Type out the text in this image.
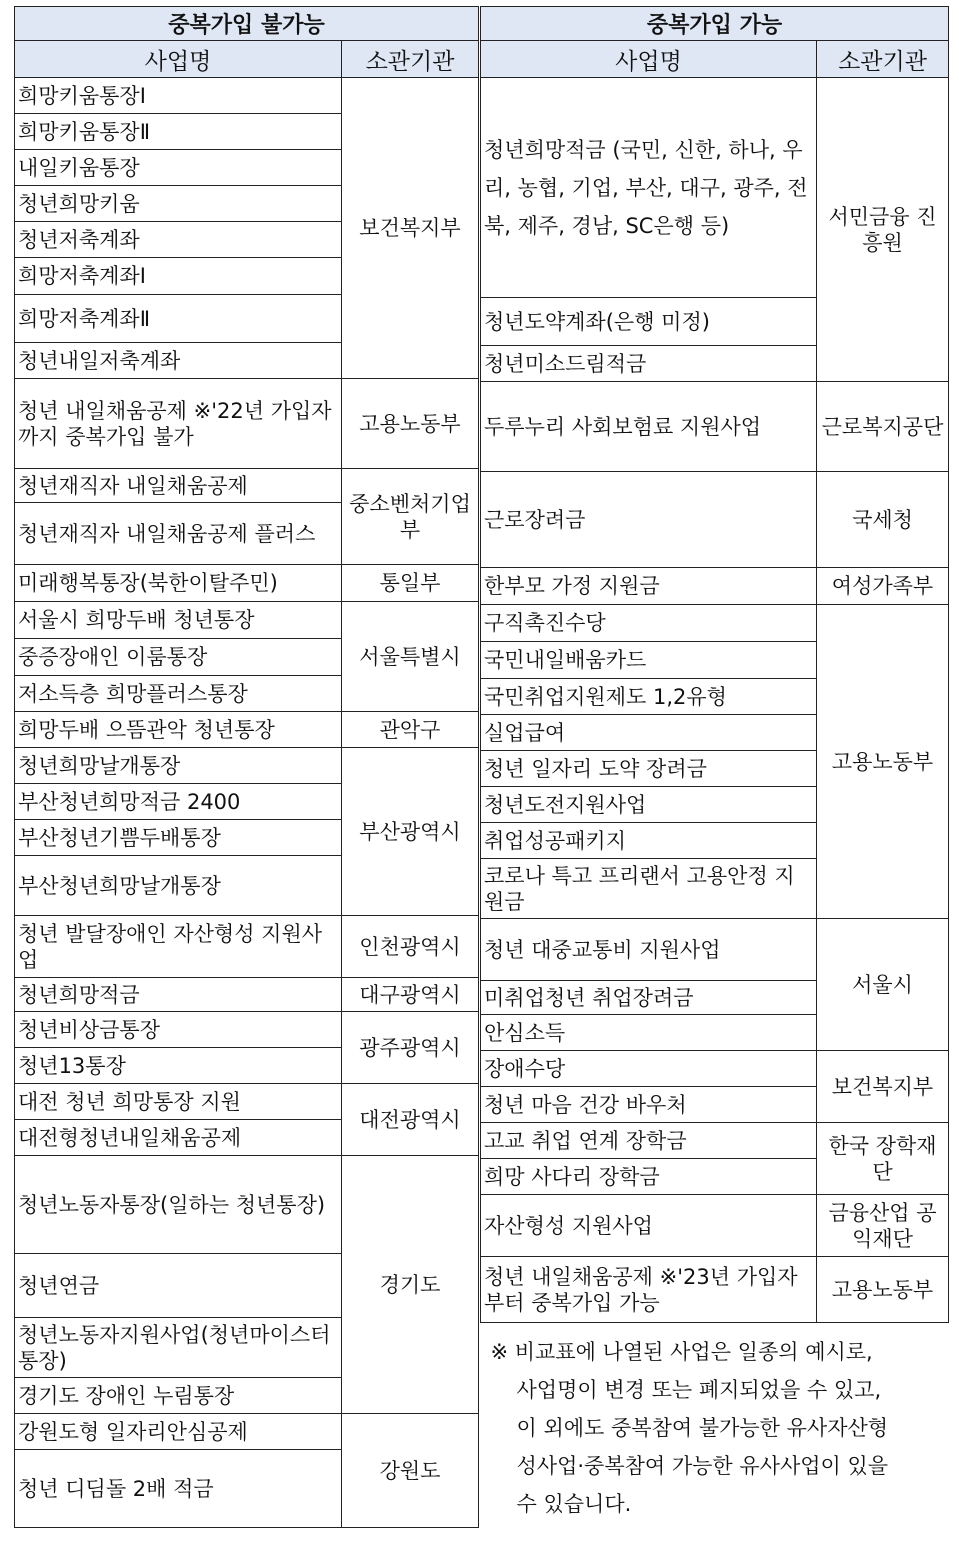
중복가입 불가능	
사업명	소관기관
희망키움통장Ⅰ	보건복지부
희망키움통장Ⅱ	
내일키움통장	
청년희망키움	
청년저축계좌	
희망저축계좌Ⅰ	
희망저축계좌Ⅱ	
청년내일저축계좌	
청년 내일채움공제 ※'22년 가입자까지 중복가입 불가	고용노동부
청년재직자 내일채움공제	중소벤처기업부
청년재직자 내일채움공제 플러스	
미래행복통장(북한이탈주민)	통일부
서울시 희망두배 청년통장	서울특별시
중증장애인 이룸통장	
저소득층 희망플러스통장	
희망두배 으뜸관악 청년통장	관악구
청년희망날개통장	부산광역시
부산청년희망적금 2400	
부산청년기쁨두배통장	
부산청년희망날개통장	
청년 발달장애인 자산형성 지원사업	인천광역시
청년희망적금	대구광역시
청년비상금통장	광주광역시
청년13통장	
대전 청년 희망통장 지원	대전광역시
대전형청년내일채움공제	
청년노동자통장(일하는 청년통장)	경기도
청년연금	
청년노동자지원사업(청년마이스터통장)	
경기도 장애인 누림통장	
강원도형 일자리안심공제	강원도
청년 디딤돌 2배 적금	
중복가입 가능	
사업명	소관기관
청년희망적금 (국민, 신한, 하나, 우리, 농협, 기업, 부산, 대구, 광주, 전북, 제주, 경남, SC은행 등)	서민금융 진흥원
청년도약계좌(은행 미정)	
청년미소드림적금	
두루누리 사회보험료 지원사업	근로복지공단
근로장려금	국세청
한부모 가정 지원금	여성가족부
구직촉진수당	고용노동부
국민내일배움카드	
국민취업지원제도 1,2유형	
실업급여	
청년 일자리 도약 장려금	
청년도전지원사업	
취업성공패키지	
코로나 특고 프리랜서 고용안정 지원금	
청년 대중교통비 지원사업	서울시
미취업청년 취업장려금	
안심소득	
장애수당	보건복지부
청년 마음 건강 바우처	
고교 취업 연계 장학금	한국 장학재단
희망 사다리 장학금	
자산형성 지원사업	금융산업 공익재단
청년 내일채움공제 ※'23년 가입자부터 중복가입 가능	고용노동부

※ 비교표에 나열된 사업은 일종의 예시로,
사업명이 변경 또는 폐지되었을 수 있고,
이 외에도 중복참여 불가능한 유사자산형
성사업·중복참여 가능한 유사사업이 있을
수 있습니다.	
